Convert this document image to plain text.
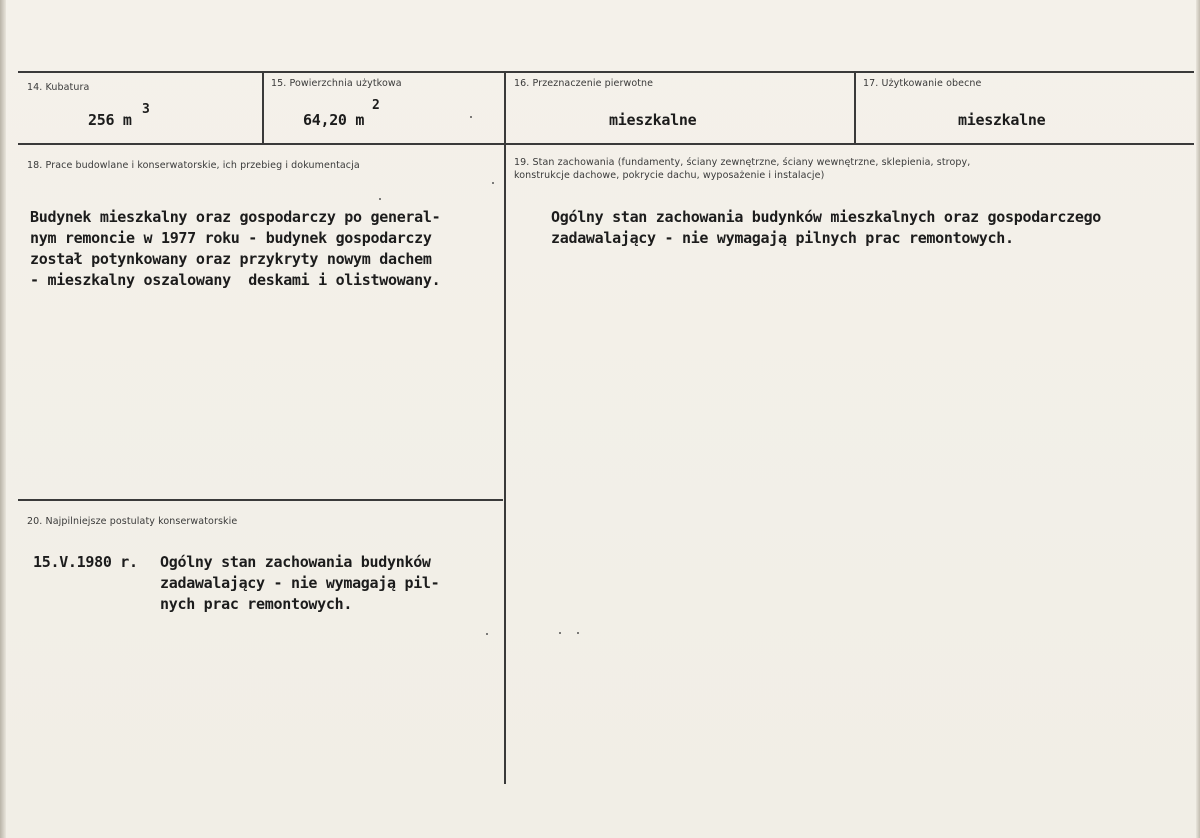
14. Kubatura
256 m
3
15. Powierzchnia użytkowa
64,20 m
2
16. Przeznaczenie pierwotne
mieszkalne
17. Użytkowanie obecne
mieszkalne
18. Prace budowlane i konserwatorskie, ich przebieg i dokumentacja
Budynek mieszkalny oraz gospodarczy po general-
nym remoncie w 1977 roku - budynek gospodarczy
został potynkowany oraz przykryty nowym dachem
- mieszkalny oszalowany  deskami i olistwowany.
19. Stan zachowania (fundamenty, ściany zewnętrzne, ściany wewnętrzne, sklepienia, stropy, konstrukcje dachowe, pokrycie dachu, wyposażenie i instalacje)
Ogólny stan zachowania budynków mieszkalnych oraz gospodarczego
zadawalający - nie wymagają pilnych prac remontowych.
20. Najpilniejsze postulaty konserwatorskie
15.V.1980 r. Ogólny stan zachowania budynków
zadawalający - nie wymagają pil-
nych prac remontowych.
